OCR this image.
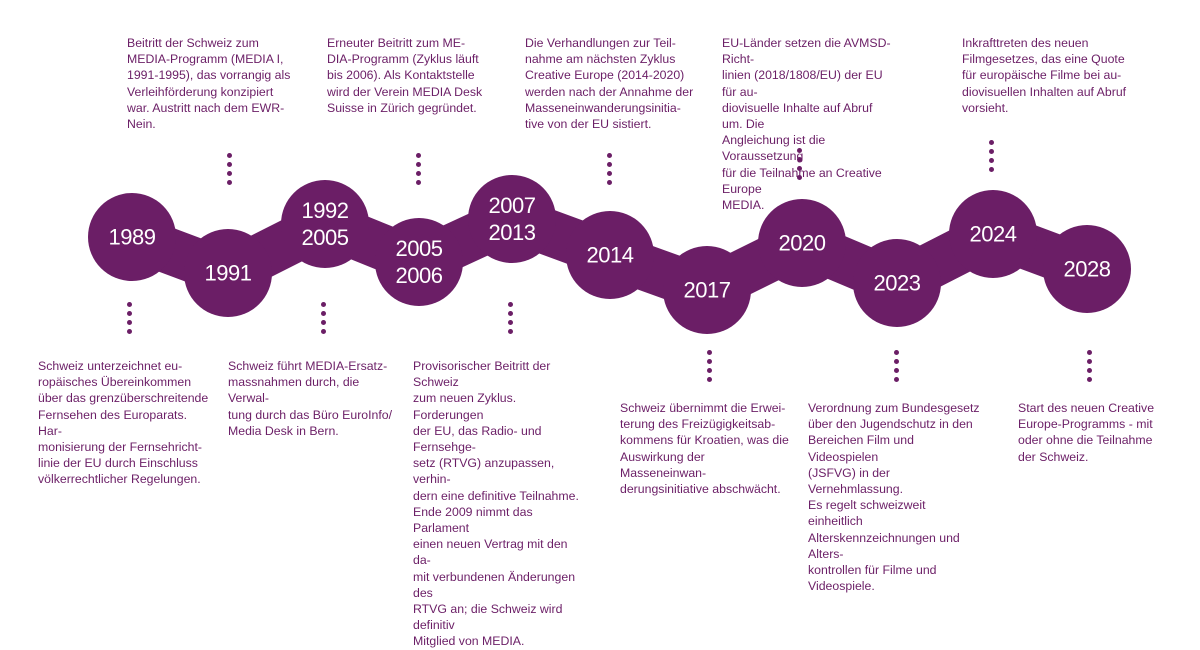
1989

Schweiz unterzeichnet eu-
ropäisches Übereinkommen
über das grenzüberschreitende
Fernsehen des Europarats. Har-
monisierung der Fernsehricht-
linie der EU durch Einschluss
völkerrechtlicher Regelungen.

1991

Beitritt der Schweiz zum
MEDIA-Programm (MEDIA I,
1991-1995), das vorrangig als
Verleihförderung konzipiert
war. Austritt nach dem EWR-
Nein.

1992
2005

Schweiz führt MEDIA-Ersatz-
massnahmen durch, die Verwal-
tung durch das Büro EuroInfo/
Media Desk in Bern.

2005
2006

Erneuter Beitritt zum ME-
DIA-Programm (Zyklus läuft
bis 2006). Als Kontaktstelle
wird der Verein MEDIA Desk
Suisse in Zürich gegründet.

2007
2013

Provisorischer Beitritt der Schweiz
zum neuen Zyklus. Forderungen
der EU, das Radio- und Fernsehge-
setz (RTVG) anzupassen, verhin-
dern eine definitive Teilnahme.
Ende 2009 nimmt das Parlament
einen neuen Vertrag mit den da-
mit verbundenen Änderungen des
RTVG an; die Schweiz wird definitiv
Mitglied von MEDIA.

2014

Die Verhandlungen zur Teil-
nahme am nächsten Zyklus
Creative Europe (2014-2020)
werden nach der Annahme der
Masseneinwanderungsinitia-
tive von der EU sistiert.

2017

Schweiz übernimmt die Erwei-
terung des Freizügigkeitsab-
kommens für Kroatien, was die
Auswirkung der Masseneinwan-
derungsinitiative abschwächt.

2020

EU-Länder setzen die AVMSD-Richt-
linien (2018/1808/EU) der EU für au-
diovisuelle Inhalte auf Abruf um. Die
Angleichung ist die Voraussetzung
für die Teilnahme an Creative Europe
MEDIA.

2023

Verordnung zum Bundesgesetz
über den Jugendschutz in den
Bereichen Film und Videospielen
(JSFVG) in der Vernehmlassung.
Es regelt schweizweit einheitlich
Alterskennzeichnungen und Alters-
kontrollen für Filme und Videospiele.

2024

Inkrafttreten des neuen
Filmgesetzes, das eine Quote
für europäische Filme bei au-
diovisuellen Inhalten auf Abruf
vorsieht.

2028

Start des neuen Creative
Europe-Programms - mit
oder ohne die Teilnahme
der Schweiz.
